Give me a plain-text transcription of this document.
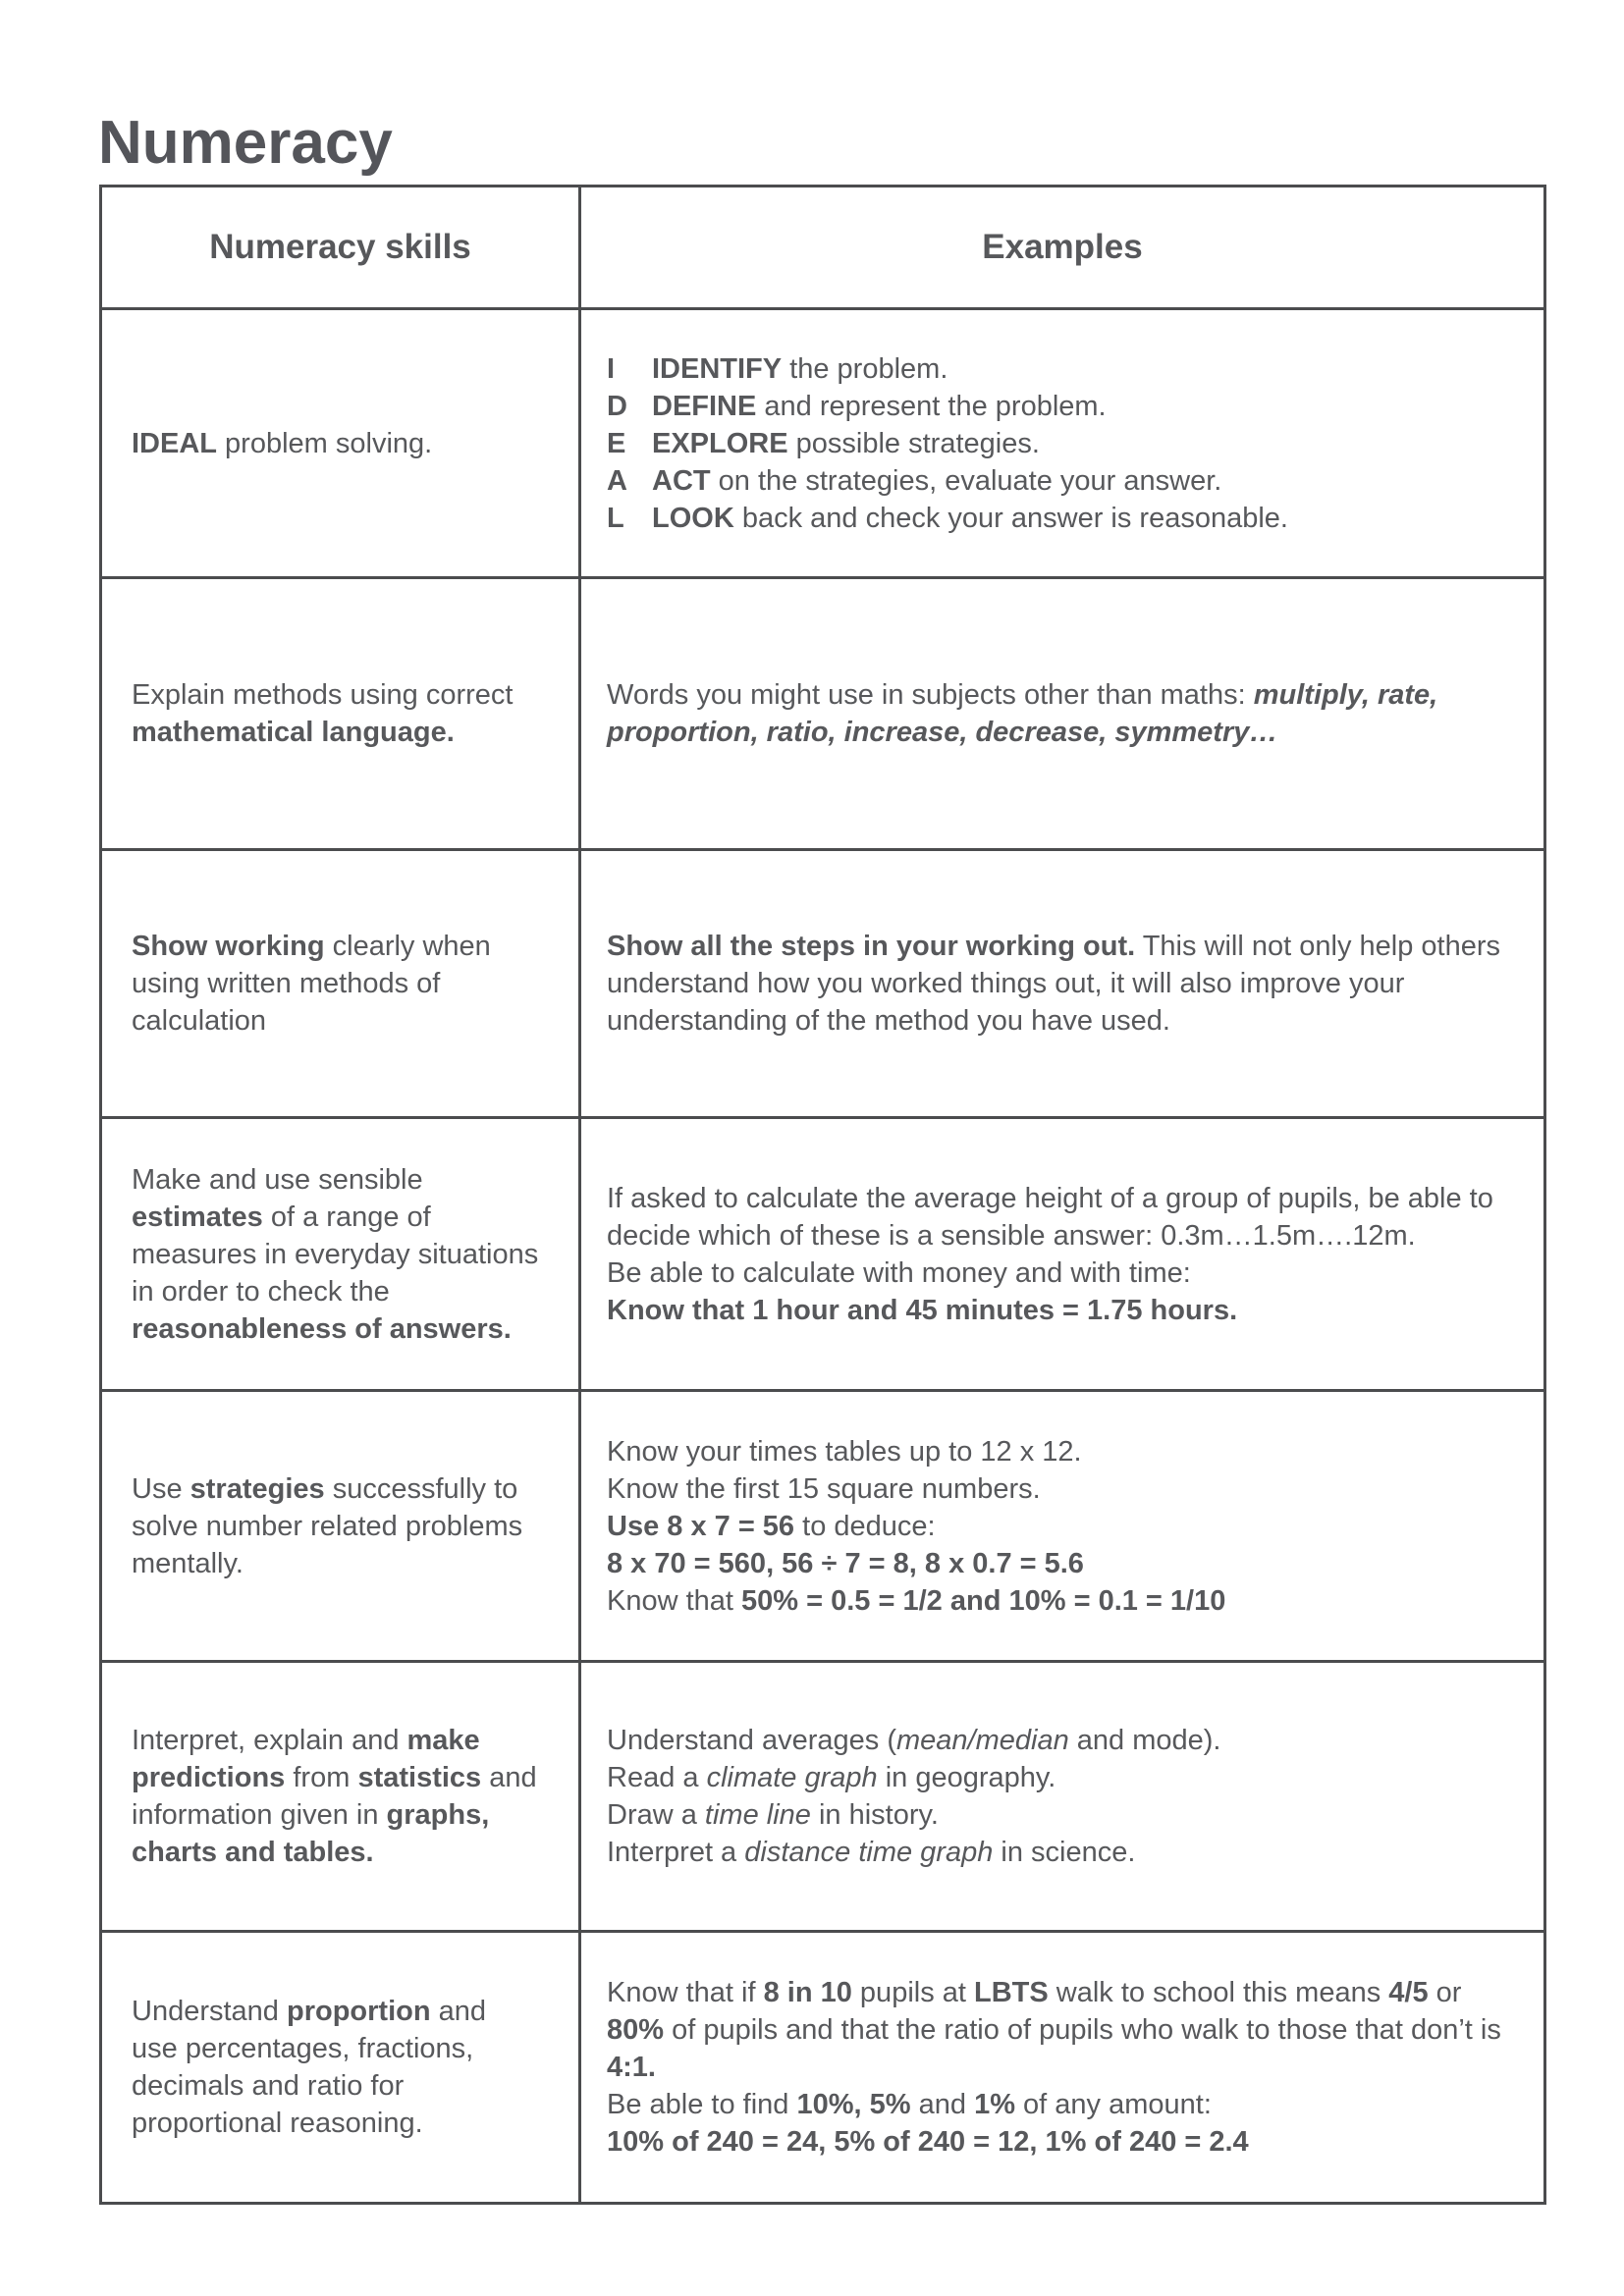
Numeracy
Numeracy skills	Examples

IDEAL problem solving.	I IDENTIFY the problem.
D DEFINE and represent the problem.
E EXPLORE possible strategies.
A ACT on the strategies, evaluate your answer.
L LOOK back and check your answer is reasonable.

Explain methods using correct mathematical language.	Words you might use in subjects other than maths: multiply, rate, proportion, ratio, increase, decrease, symmetry…

Show working clearly when using written methods of calculation	Show all the steps in your working out. This will not only help others understand how you worked things out, it will also improve your understanding of the method you have used.

Make and use sensible estimates of a range of measures in everyday situations in order to check the reasonableness of answers.	If asked to calculate the average height of a group of pupils, be able to decide which of these is a sensible answer: 0.3m…1.5m….12m.
Be able to calculate with money and with time:
Know that 1 hour and 45 minutes = 1.75 hours.

Use strategies successfully to solve number related problems mentally.	Know your times tables up to 12 x 12.
Know the first 15 square numbers.
Use 8 x 7 = 56 to deduce:
8 x 70 = 560, 56 ÷ 7 = 8, 8 x 0.7 = 5.6
Know that 50% = 0.5 = 1/2 and 10% = 0.1 = 1/10

Interpret, explain and make predictions from statistics and information given in graphs, charts and tables.	Understand averages (mean/median and mode).
Read a climate graph in geography.
Draw a time line in history.
Interpret a distance time graph in science.

Understand proportion and use percentages, fractions, decimals and ratio for proportional reasoning.	Know that if 8 in 10 pupils at LBTS walk to school this means 4/5 or 80% of pupils and that the ratio of pupils who walk to those that don’t is 4:1.
Be able to find 10%, 5% and 1% of any amount:
10% of 240 = 24, 5% of 240 = 12, 1% of 240 = 2.4
